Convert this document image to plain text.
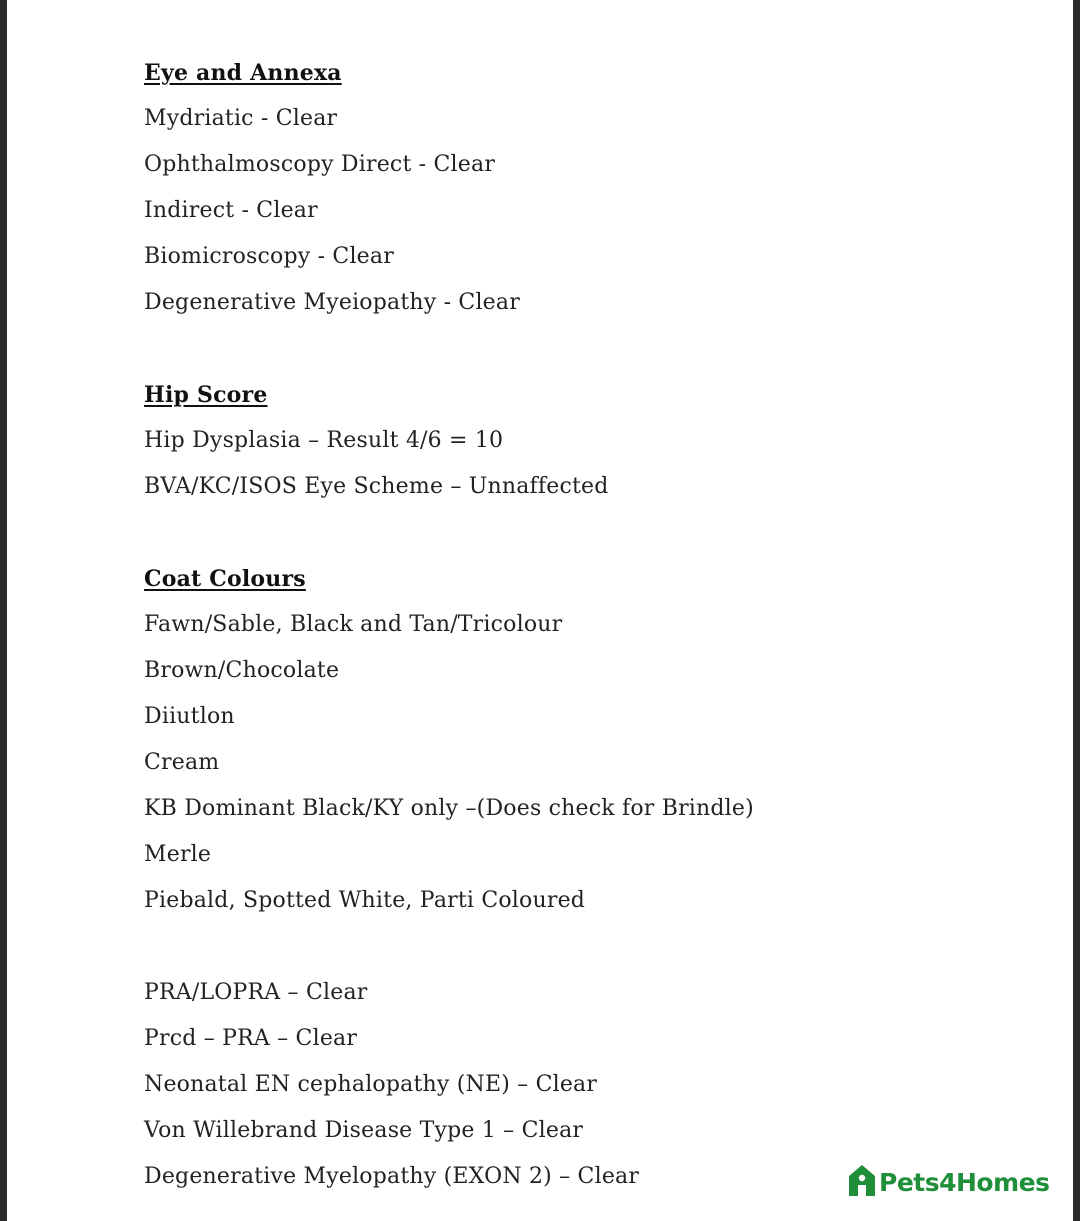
Eye and Annexa
Mydriatic - Clear
Ophthalmoscopy Direct - Clear
Indirect - Clear
Biomicroscopy - Clear
Degenerative Myeiopathy - Clear
Hip Score
Hip Dysplasia – Result 4/6 = 10
BVA/KC/ISOS Eye Scheme – Unnaffected
Coat Colours
Fawn/Sable, Black and Tan/Tricolour
Brown/Chocolate
Diiutlon
Cream
KB Dominant Black/KY only –(Does check for Brindle)
Merle
Piebald, Spotted White, Parti Coloured
PRA/LOPRA – Clear
Prcd – PRA – Clear
Neonatal EN cephalopathy (NE) – Clear
Von Willebrand Disease Type 1 – Clear
Degenerative Myelopathy (EXON 2) – Clear	Pets4Homes
